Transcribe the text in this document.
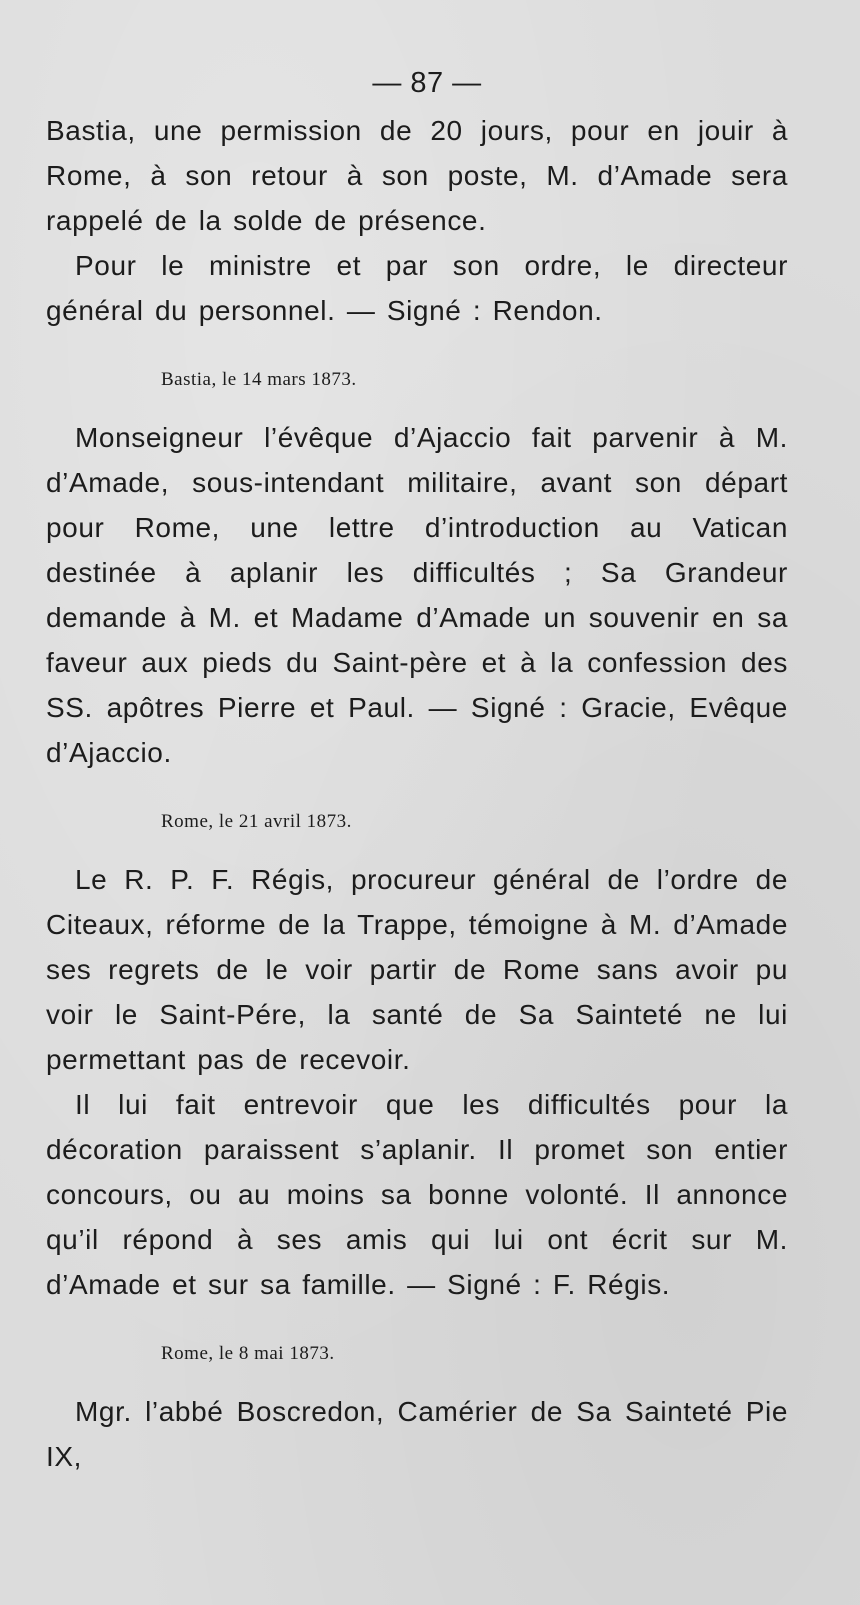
— 87 —

Bastia, une permission de 20 jours, pour en jouir à Rome, à son retour à son poste, M. d’Amade sera rappelé de la solde de présence.

Pour le ministre et par son ordre, le directeur général du personnel. — Signé : Rendon.

Bastia, le 14 mars 1873.

Monseigneur l’évêque d’Ajaccio fait parvenir à M. d’Amade, sous-intendant militaire, avant son départ pour Rome, une lettre d’introduction au Vatican destinée à aplanir les difficultés ; Sa Grandeur demande à M. et Madame d’Amade un souvenir en sa faveur aux pieds du Saint-père et à la confession des SS. apôtres Pierre et Paul. — Signé : Gracie, Evêque d’Ajaccio.

Rome, le 21 avril 1873.

Le R. P. F. Régis, procureur général de l’ordre de Citeaux, réforme de la Trappe, témoigne à M. d’Amade ses regrets de le voir partir de Rome sans avoir pu voir le Saint-Pére, la santé de Sa Sainteté ne lui permettant pas de recevoir.

Il lui fait entrevoir que les difficultés pour la décoration paraissent s’aplanir. Il promet son entier concours, ou au moins sa bonne volonté. Il annonce qu’il répond à ses amis qui lui ont écrit sur M. d’Amade et sur sa famille. — Signé : F. Régis.

Rome, le 8 mai 1873.

Mgr. l’abbé Boscredon, Camérier de Sa Sainteté Pie IX,
